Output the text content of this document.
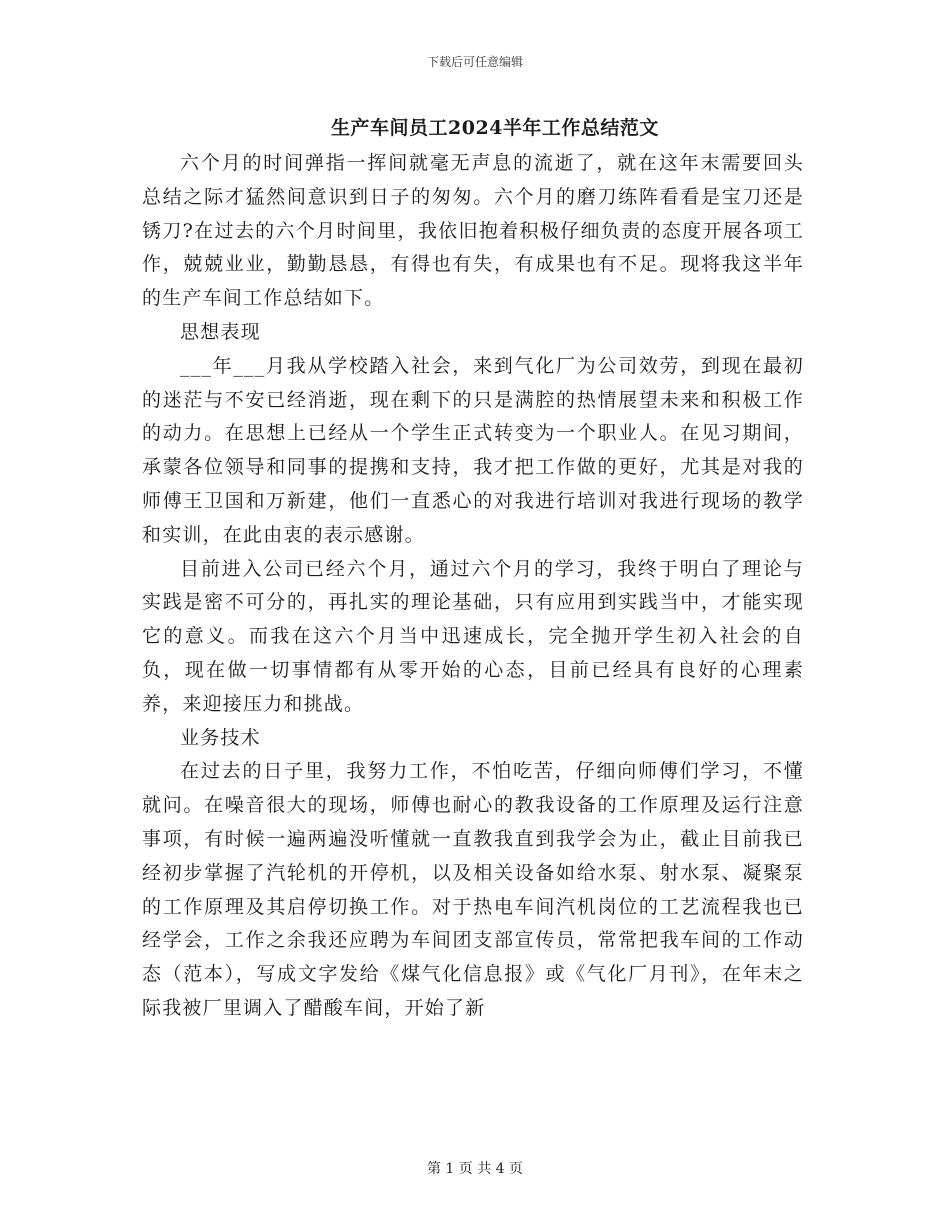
下载后可任意编辑
生产车间员工2024半年工作总结范文

六个月的时间弹指一挥间就毫无声息的流逝了，就在这年末需要回头总结之际才猛然间意识到日子的匆匆。六个月的磨刀练阵看看是宝刀还是锈刀?在过去的六个月时间里，我依旧抱着积极仔细负责的态度开展各项工作，兢兢业业，勤勤恳恳，有得也有失，有成果也有不足。现将我这半年的生产车间工作总结如下。

思想表现

___年___月我从学校踏入社会，来到气化厂为公司效劳，到现在最初的迷茫与不安已经消逝，现在剩下的只是满腔的热情展望未来和积极工作的动力。在思想上已经从一个学生正式转变为一个职业人。在见习期间，承蒙各位领导和同事的提携和支持，我才把工作做的更好，尤其是对我的师傅王卫国和万新建，他们一直悉心的对我进行培训对我进行现场的教学和实训，在此由衷的表示感谢。

目前进入公司已经六个月，通过六个月的学习，我终于明白了理论与实践是密不可分的，再扎实的理论基础，只有应用到实践当中，才能实现它的意义。而我在这六个月当中迅速成长，完全抛开学生初入社会的自负，现在做一切事情都有从零开始的心态，目前已经具有良好的心理素养，来迎接压力和挑战。

业务技术

在过去的日子里，我努力工作，不怕吃苦，仔细向师傅们学习，不懂就问。在噪音很大的现场，师傅也耐心的教我设备的工作原理及运行注意事项，有时候一遍两遍没听懂就一直教我直到我学会为止，截止目前我已经初步掌握了汽轮机的开停机，以及相关设备如给水泵、射水泵、凝聚泵的工作原理及其启停切换工作。对于热电车间汽机岗位的工艺流程我也已经学会，工作之余我还应聘为车间团支部宣传员，常常把我车间的工作动态（范本），写成文字发给《煤气化信息报》或《气化厂月刊》，在年末之际我被厂里调入了醋酸车间，开始了新

第 1 页 共 4 页
